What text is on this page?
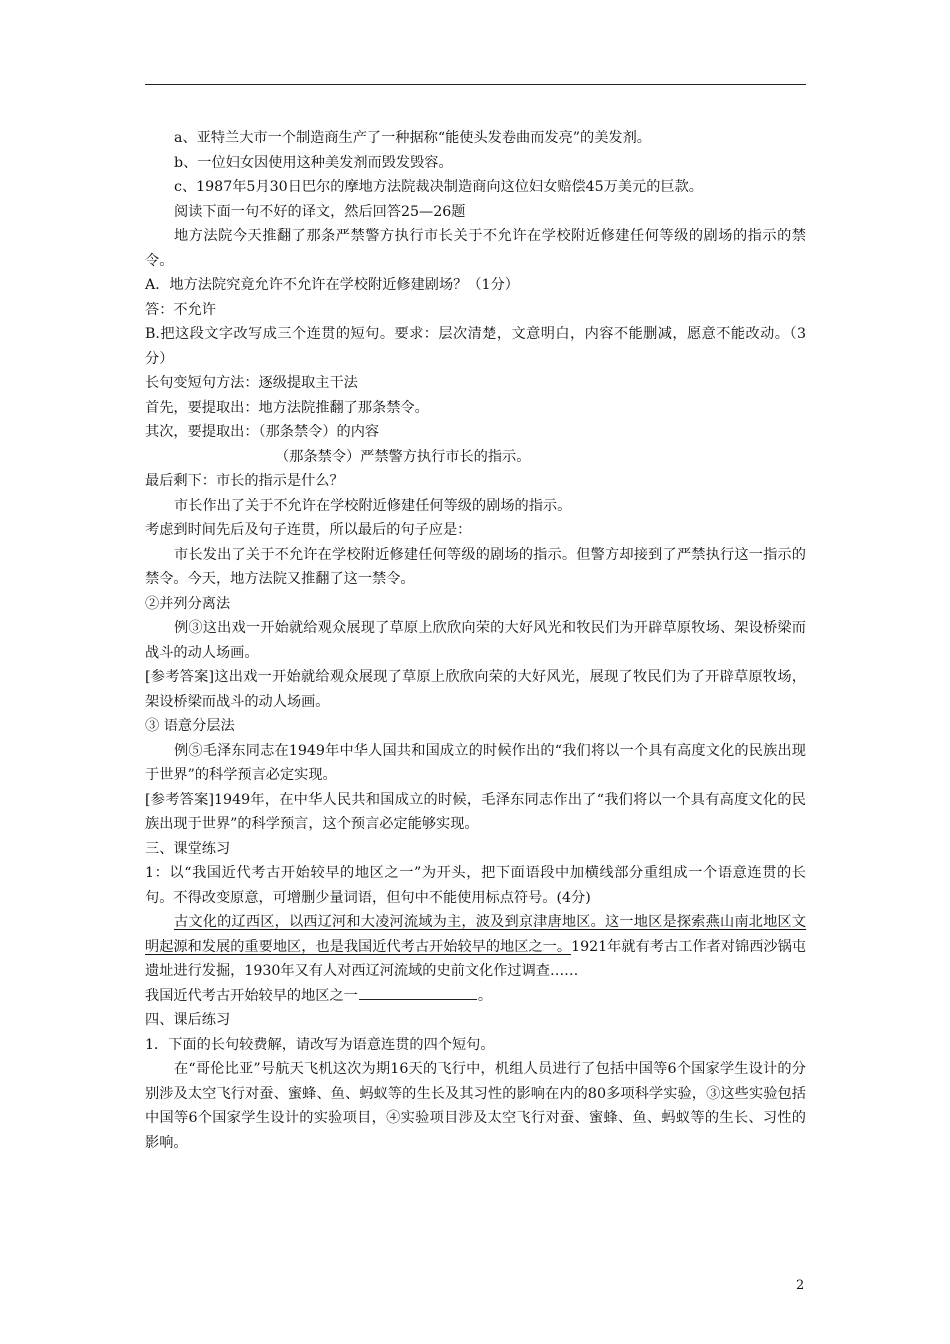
a、亚特兰大市一个制造商生产了一种据称“能使头发卷曲而发亮”的美发剂。

b、一位妇女因使用这种美发剂而毁发毁容。

c、1987年5月30日巴尔的摩地方法院裁决制造商向这位妇女赔偿45万美元的巨款。

阅读下面一句不好的译文，然后回答25—26题

地方法院今天推翻了那条严禁警方执行市长关于不允许在学校附近修建任何等级的剧场的指示的禁令。

A．地方法院究竟允许不允许在学校附近修建剧场？（1分）

答：不允许

B.把这段文字改写成三个连贯的短句。要求：层次清楚，文意明白，内容不能删减，愿意不能改动。（3分）

长句变短句方法：逐级提取主干法

首先，要提取出：地方法院推翻了那条禁令。

其次，要提取出：（那条禁令）的内容

（那条禁令）严禁警方执行市长的指示。

最后剩下：市长的指示是什么？

市长作出了关于不允许在学校附近修建任何等级的剧场的指示。

考虑到时间先后及句子连贯，所以最后的句子应是：

市长发出了关于不允许在学校附近修建任何等级的剧场的指示。但警方却接到了严禁执行这一指示的禁令。今天，地方法院又推翻了这一禁令。

②并列分离法

例③这出戏一开始就给观众展现了草原上欣欣向荣的大好风光和牧民们为开辟草原牧场、架设桥梁而战斗的动人场画。

[参考答案]这出戏一开始就给观众展现了草原上欣欣向荣的大好风光，展现了牧民们为了开辟草原牧场，架设桥梁而战斗的动人场画。

③ 语意分层法

例⑤毛泽东同志在1949年中华人国共和国成立的时候作出的“我们将以一个具有高度文化的民族出现于世界”的科学预言必定实现。

[参考答案]1949年，在中华人民共和国成立的时候，毛泽东同志作出了“我们将以一个具有高度文化的民族出现于世界”的科学预言，这个预言必定能够实现。

三、课堂练习

1：以“我国近代考古开始较早的地区之一”为开头，把下面语段中加横线部分重组成一个语意连贯的长句。不得改变原意，可增删少量词语，但句中不能使用标点符号。(4分)

古文化的辽西区，以西辽河和大凌河流域为主，波及到京津唐地区。这一地区是探索燕山南北地区文明起源和发展的重要地区，也是我国近代考古开始较早的地区之一。1921年就有考古工作者对锦西沙锅屯遗址进行发掘，1930年又有人对西辽河流域的史前文化作过调查……

我国近代考古开始较早的地区之一	。

四、课后练习

1．下面的长句较费解，请改写为语意连贯的四个短句。

在“哥伦比亚”号航天飞机这次为期16天的飞行中，机组人员进行了包括中国等6个国家学生设计的分别涉及太空飞行对蚕、蜜蜂、鱼、蚂蚁等的生长及其习性的影响在内的80多项科学实验，③这些实验包括中国等6个国家学生设计的实验项目，④实验项目涉及太空飞行对蚕、蜜蜂、鱼、蚂蚁等的生长、习性的影响。

2
